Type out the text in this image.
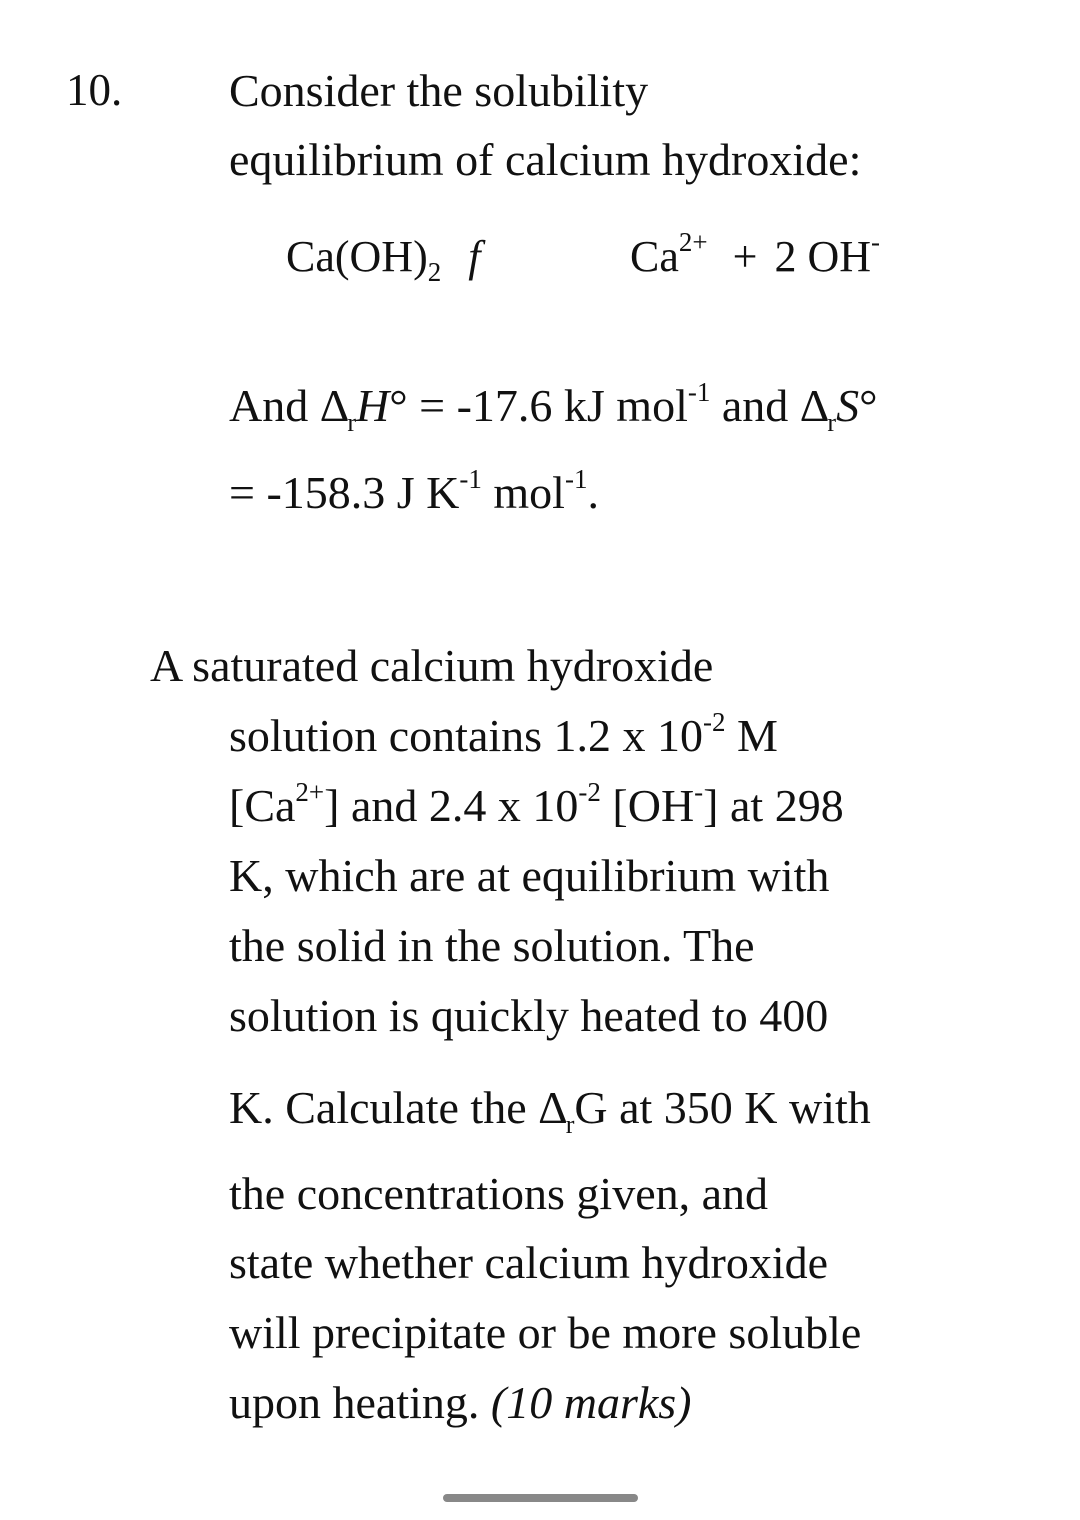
10. Consider the solubility
equilibrium of calcium hydroxide:
$Ca(OH)_2$ f	$Ca^{2+} + 2$ OH-
And $\Delta_rH^\circ = -17.6$ kJ mol$^{-1}$ and $\Delta_rS^\circ$
= -158.3 J $K^{-1}$ mol$^{-1}$.
A saturated calcium hydroxide
solution contains 1.2 x $10^{-2}$ M
$[Ca^{2+}]$ and 2.4 x $10^{-2}$ [OH-] at 298
K, which are at equilibrium with
the solid in the solution. The
solution is quickly heated to 400
K. Calculate the $\Delta_rG$ at 350 K with
the concentrations given, and
state whether calcium hydroxide
will precipitate or be more soluble
upon heating. (10 marks)
